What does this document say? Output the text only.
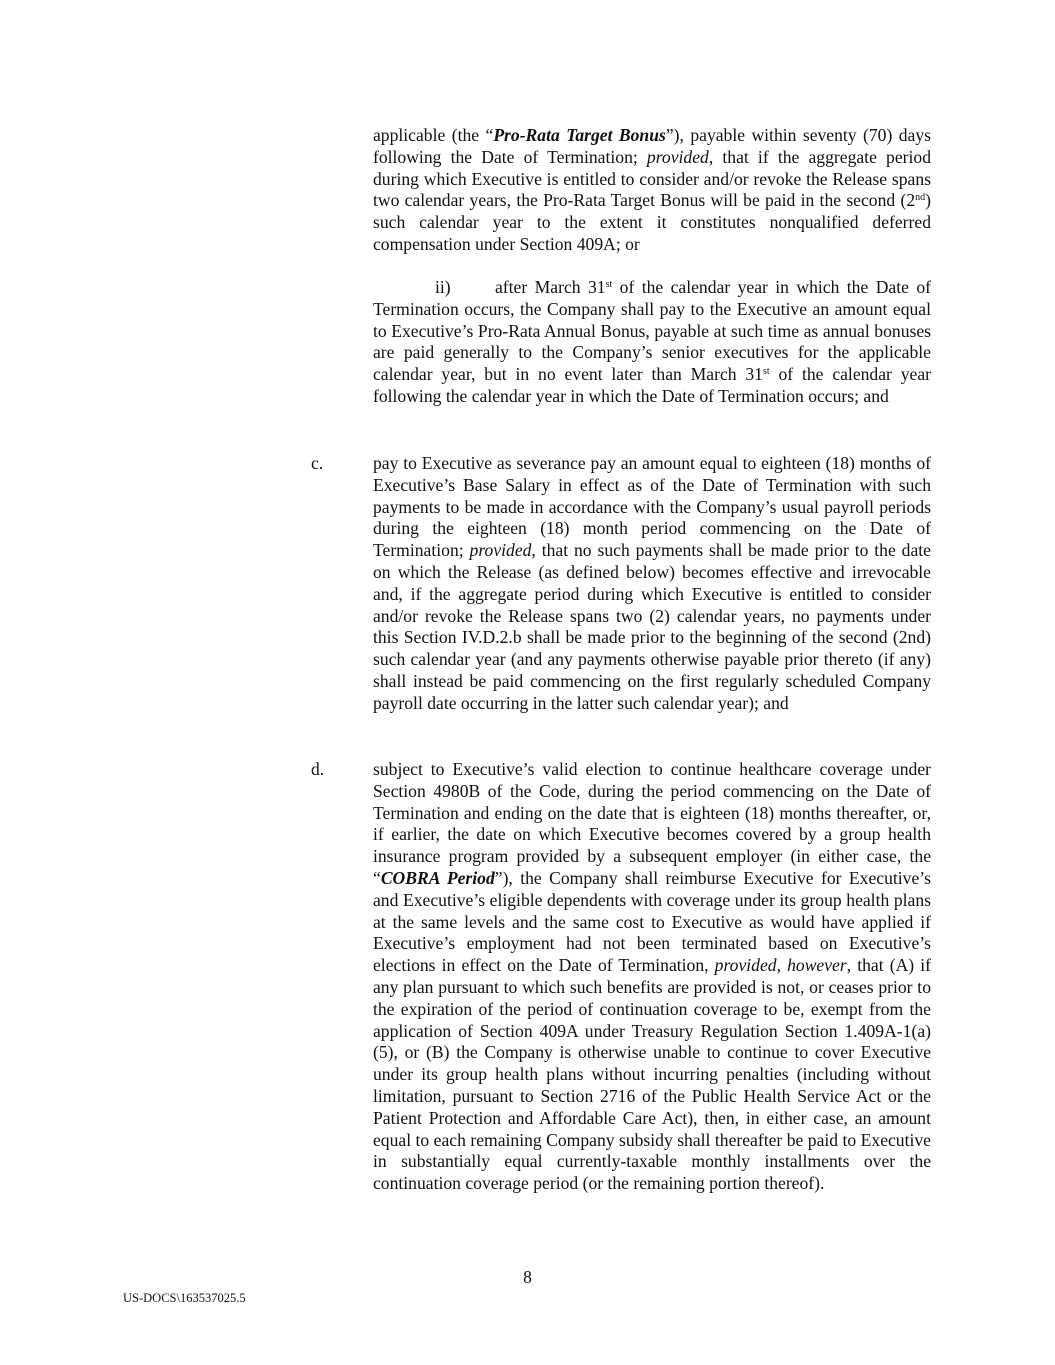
applicable (the “Pro-Rata Target Bonus”), payable within seventy (70) days following the Date of Termination; provided, that if the aggregate period during which Executive is entitled to consider and/or revoke the Release spans two calendar years, the Pro-Rata Target Bonus will be paid in the second (2nd) such calendar year to the extent it constitutes nonqualified deferred compensation under Section 409A; or

ii)	after March 31st of the calendar year in which the Date of Termination occurs, the Company shall pay to the Executive an amount equal to Executive’s Pro-Rata Annual Bonus, payable at such time as annual bonuses are paid generally to the Company’s senior executives for the applicable calendar year, but in no event later than March 31st of the calendar year following the calendar year in which the Date of Termination occurs; and

c.	pay to Executive as severance pay an amount equal to eighteen (18) months of Executive’s Base Salary in effect as of the Date of Termination with such payments to be made in accordance with the Company’s usual payroll periods during the eighteen (18) month period commencing on the Date of Termination; provided, that no such payments shall be made prior to the date on which the Release (as defined below) becomes effective and irrevocable and, if the aggregate period during which Executive is entitled to consider and/or revoke the Release spans two (2) calendar years, no payments under this Section IV.D.2.b shall be made prior to the beginning of the second (2nd) such calendar year (and any payments otherwise payable prior thereto (if any) shall instead be paid commencing on the first regularly scheduled Company payroll date occurring in the latter such calendar year); and

d.	subject to Executive’s valid election to continue healthcare coverage under Section 4980B of the Code, during the period commencing on the Date of Termination and ending on the date that is eighteen (18) months thereafter, or, if earlier, the date on which Executive becomes covered by a group health insurance program provided by a subsequent employer (in either case, the “COBRA Period”), the Company shall reimburse Executive for Executive’s and Executive’s eligible dependents with coverage under its group health plans at the same levels and the same cost to Executive as would have applied if Executive’s employment had not been terminated based on Executive’s elections in effect on the Date of Termination, provided, however, that (A) if any plan pursuant to which such benefits are provided is not, or ceases prior to the expiration of the period of continuation coverage to be, exempt from the application of Section 409A under Treasury Regulation Section 1.409A-1(a)(5), or (B) the Company is otherwise unable to continue to cover Executive under its group health plans without incurring penalties (including without limitation, pursuant to Section 2716 of the Public Health Service Act or the Patient Protection and Affordable Care Act), then, in either case, an amount equal to each remaining Company subsidy shall thereafter be paid to Executive in substantially equal currently-taxable monthly installments over the continuation coverage period (or the remaining portion thereof).

8
US-DOCS\163537025.5
